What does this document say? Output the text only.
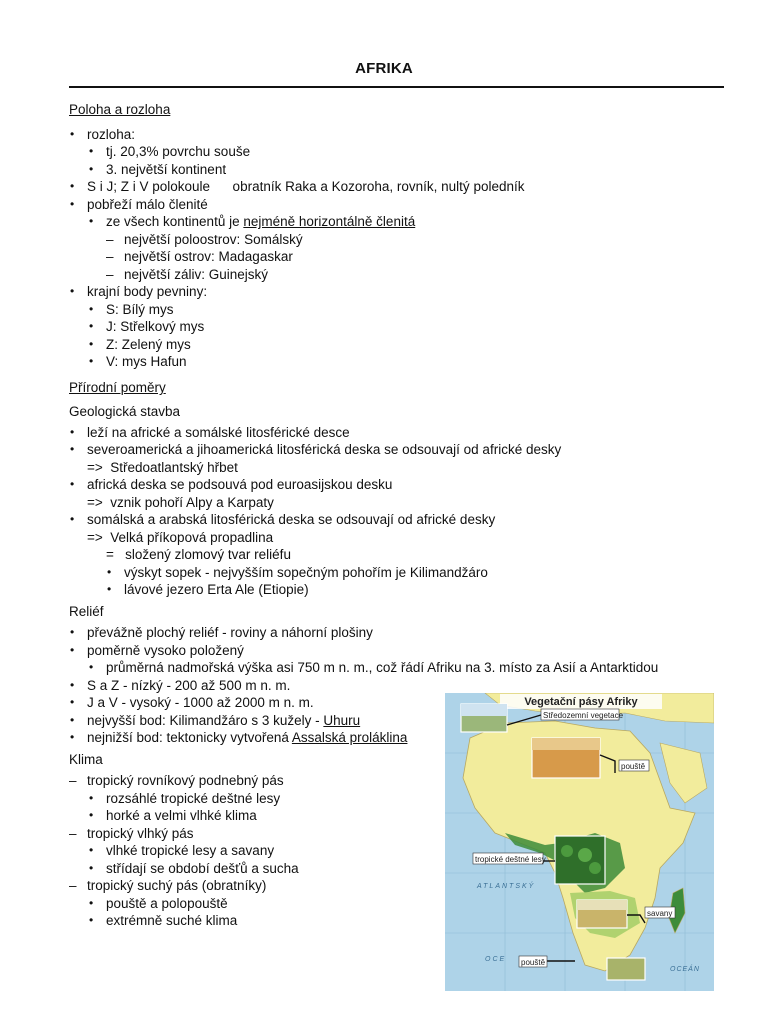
AFRIKA
Poloha a rozloha
• rozloha:
• tj. 20,3% povrchu souše
• 3. největší kontinent
• S i J; Z i V polokoule      obratník Raka a Kozoroha, rovník, nultý poledník
• pobřeží málo členité
• ze všech kontinentů je nejméně horizontálně členitá
– největší poloostrov: Somálský
– největší ostrov: Madagaskar
– největší záliv: Guinejský
• krajní body pevniny:
• S: Bílý mys
• J: Střelkový mys
• Z: Zelený mys
• V: mys Hafun
Přírodní poměry
Geologická stavba
• leží na africké a somálské litosférické desce
• severoamerická a jihoamerická litosférická deska se odsouvají od africké desky
=>  Středoatlantský hřbet
• africká deska se podsouvá pod euroasijskou desku
=>  vznik pohoří Alpy a Karpaty
• somálská a arabská litosférická deska se odsouvají od africké desky
=>  Velká příkopová propadlina
=   složený zlomový tvar reliéfu
• výskyt sopek - nejvyšším sopečným pohořím je Kilimandžáro
• lávové jezero Erta Ale (Etiopie)
Reliéf
• převážně plochý reliéf - roviny a náhorní plošiny
• poměrně vysoko položený
• průměrná nadmořská výška asi 750 m n. m., což řádí Afriku na 3. místo za Asií a Antarktidou
• S a Z - nízký - 200 až 500 m n. m.
• J a V - vysoký - 1000 až 2000 m n. m.
• nejvyšší bod: Kilimandžáro s 3 kužely - Uhuru
• nejnižší bod: tektonicky vytvořená Assalská proláklina
Klima
– tropický rovníkový podnebný pás
• rozsáhlé tropické deštné lesy
• horké a velmi vlhké klima
– tropický vlhký pás
• vlhké tropické lesy a savany
• střídají se období dešťů a sucha
– tropický suchý pás (obratníky)
• pouště a polopouště
• extrémně suché klima
Vegetační pásy Afriky
Středozemní vegetace
pouště
tropické deštné lesy
ATLANTSKÝ
OCE
OCEÁN
savany
pouště
